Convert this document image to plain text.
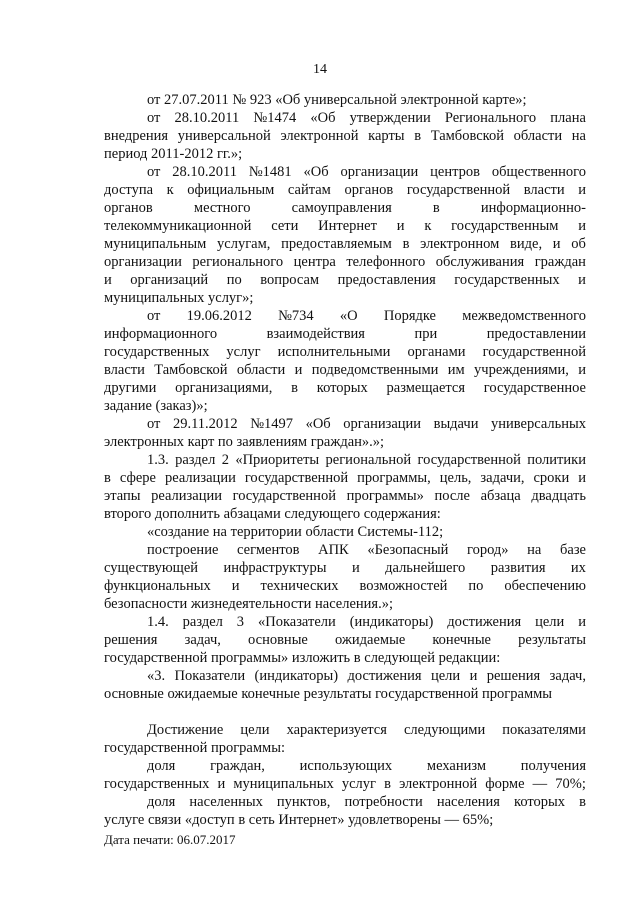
14
от 27.07.2011 № 923 «Об универсальной электронной карте»;
от 28.10.2011 №1474 «Об утверждении Регионального плана
внедрения универсальной электронной карты в Тамбовской области на
период 2011-2012 гг.»;
от 28.10.2011 №1481 «Об организации центров общественного
доступа к официальным сайтам органов государственной власти и
органов	местного	самоуправления	в	информационно-
телекоммуникационной сети Интернет и к государственным и
муниципальным услугам, предоставляемым в электронном виде, и об
организации регионального центра телефонного обслуживания граждан
и организаций по вопросам предоставления государственных и
муниципальных услуг»;
от 19.06.2012 №734 «О Порядке межведомственного
информационного	взаимодействия	при	предоставлении
государственных услуг исполнительными органами государственной
власти Тамбовской области и подведомственными им учреждениями, и
другими организациями, в которых размещается государственное
задание (заказ)»;
от 29.11.2012 №1497 «Об организации выдачи универсальных
электронных карт по заявлениям граждан».»;
1.3. раздел 2 «Приоритеты региональной государственной политики
в сфере реализации государственной программы, цель, задачи, сроки и
этапы реализации государственной программы» после абзаца двадцать
второго дополнить абзацами следующего содержания:
«создание на территории области Системы-112;
построение сегментов АПК «Безопасный город» на базе
существующей инфраструктуры и дальнейшего развития их
функциональных и технических возможностей по обеспечению
безопасности жизнедеятельности населения.»;
1.4. раздел 3 «Показатели (индикаторы) достижения цели и
решения задач, основные ожидаемые конечные результаты
государственной программы» изложить в следующей редакции:
«3. Показатели (индикаторы) достижения цели и решения задач,
основные ожидаемые конечные результаты государственной программы
Достижение цели характеризуется следующими показателями
государственной программы:
доля граждан, использующих механизм получения
государственных и муниципальных услуг в электронной форме — 70%;
доля населенных пунктов, потребности населения которых в
услуге связи «доступ в сеть Интернет» удовлетворены — 65%;
Дата печати: 06.07.2017
